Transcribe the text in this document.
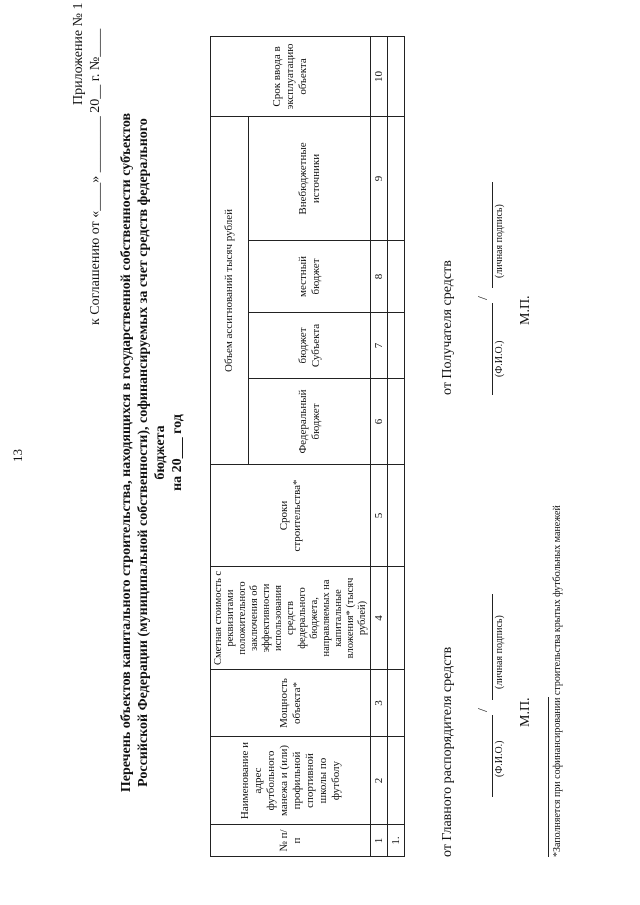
13
Приложение № 1 к Соглашению от «____» ________ 20__ г. №____ Перечень объектов капитального строительства, находящихся в государственной собственности субъектов Российской Федерации (муниципальной собственности), софинансируемых за счет средств федерального бюджета на 20___ год
№ п/п	Наименование и адрес футбольного манежа и (или) профильной спортивной школы по футболу	Мощность объекта*	Сметная стоимость с реквизитами положительного заключения об эффективности использования средств федерального бюджета, направляемых на капитальные вложения* (тысяч рублей)	Сроки строительства*	Объем ассигнований тысяч рублей				Срок ввода в эксплуатацию объекта
					Федеральный бюджет	бюджет Субъекта	местный бюджет	Внебюджетные источники	
1	2	3	4	5	6	7	8	9	10
1.										от Главного распорядителя средств /
(Ф.И.О.)
(личная подпись)
М.П.
от Получателя средств /
(Ф.И.О.)
(личная подпись)
М.П.
*Заполняется при софинансировании строительства крытых футбольных манежей
